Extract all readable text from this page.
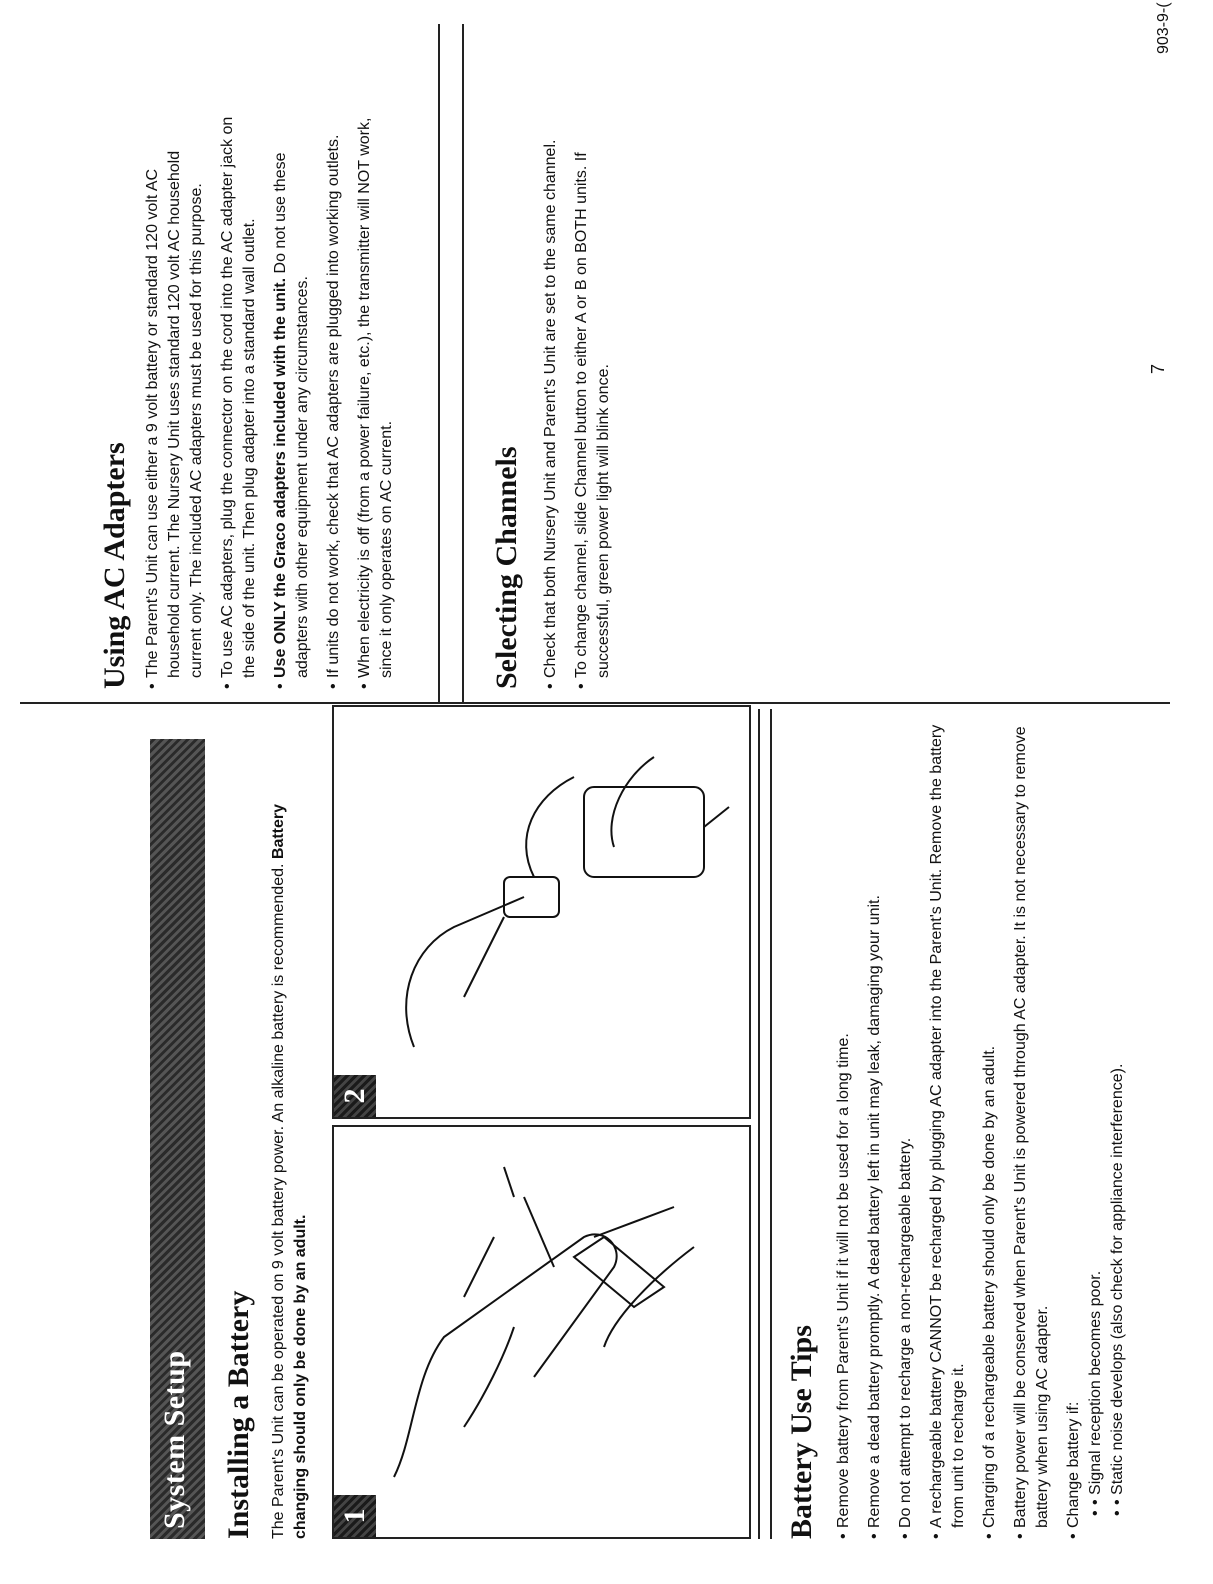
System Setup Installing a Battery The Parent's Unit can be operated on 9 volt battery power. An alkaline battery is recommended. Battery changing should only be done by an adult. 1
2
Battery Use Tips • Remove battery from Parent's Unit if it will not be used for a long time. • Remove a dead battery promptly. A dead battery left in unit may leak, damaging your unit. • Do not attempt to recharge a non-rechargeable battery. • A rechargeable battery CANNOT be recharged by plugging AC adapter into the Parent's Unit. Remove the battery from unit to recharge it. • Charging of a rechargeable battery should only be done by an adult. • Battery power will be conserved when Parent's Unit is powered through AC adapter. It is not necessary to remove battery when using AC adapter. • Change battery if: • • Signal reception becomes poor. • • Static noise develops (also check for appliance interference).
Using AC Adapters • The Parent's Unit can use either a 9 volt battery or standard 120 volt AC household current. The Nursery Unit uses standard 120 volt AC household current only. The included AC adapters must be used for this purpose. • To use AC adapters, plug the connector on the cord into the AC adapter jack on the side of the unit. Then plug adapter into a standard wall outlet. • Use ONLY the Graco adapters included with the unit. Do not use these adapters with other equipment under any circumstances. • If units do not work, check that AC adapters are plugged into working outlets. • When electricity is off (from a power failure, etc.), the transmitter will NOT work, since it only operates on AC current.	Selecting Channels • Check that both Nursery Unit and Parent's Unit are set to the same channel. • To change channel, slide Channel button to either A or B on BOTH units. If successful, green power light will blink once.	7
903-9-(
